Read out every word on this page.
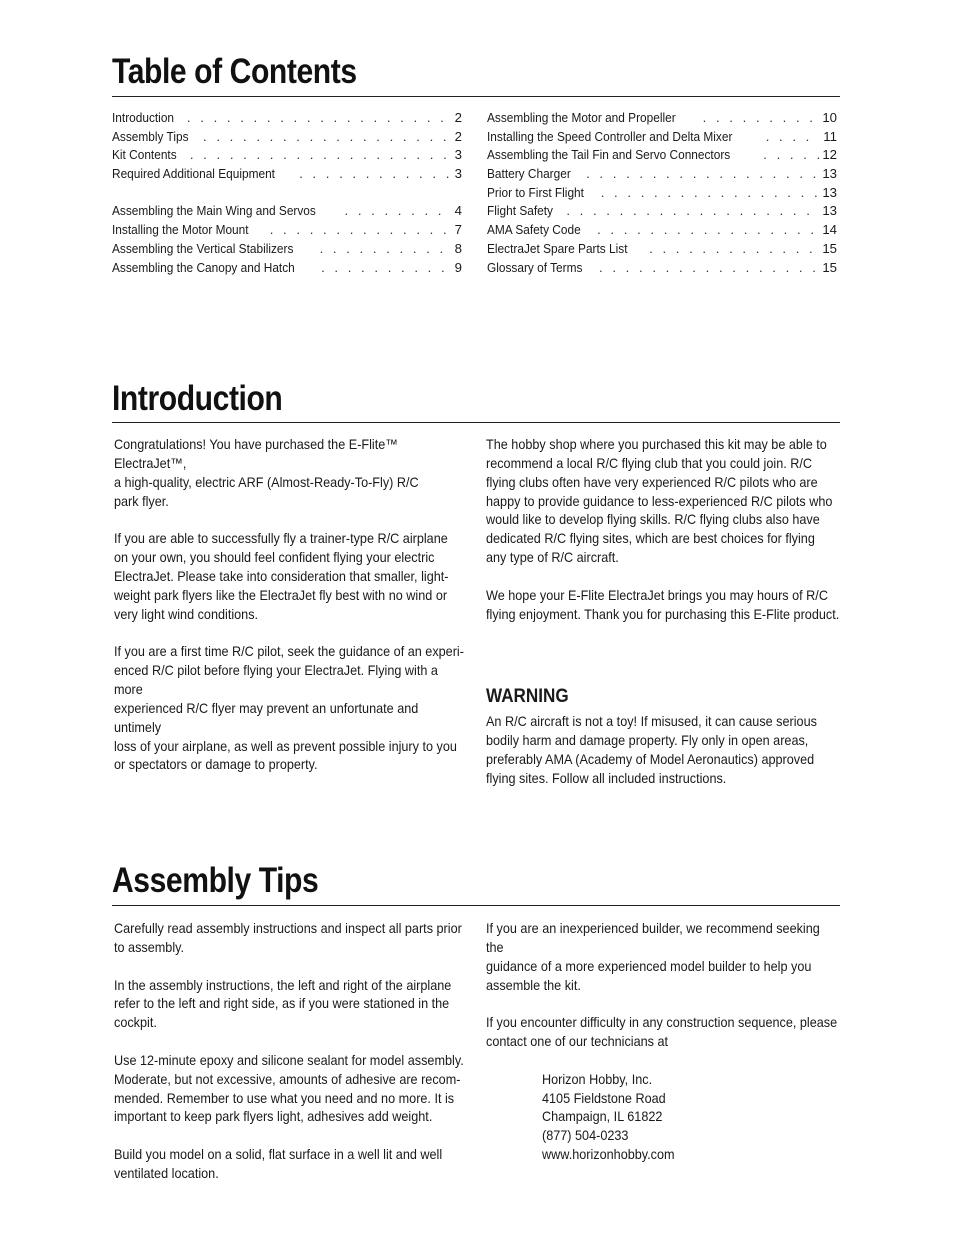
Table of Contents
Introduction . . .	2
Assembly Tips . . .	2
Kit Contents . . .	3
Required Additional Equipment . . .	3
Assembling the Main Wing and Servos . . .	4
Installing the Motor Mount . . .	7
Assembling the Vertical Stabilizers . . .	8
Assembling the Canopy and Hatch . . .	9
Assembling the Motor and Propeller . . .	10
Installing the Speed Controller and Delta Mixer . . .	11
Assembling the Tail Fin and Servo Connectors . . .	12
Battery Charger . . .	13
Prior to First Flight . . .	13
Flight Safety . . .	13
AMA Safety Code . . .	14
ElectraJet Spare Parts List . . .	15
Glossary of Terms . . .	15
Introduction

Congratulations! You have purchased the E-Flite™ ElectraJet™,
a high-quality, electric ARF (Almost-Ready-To-Fly) R/C
park flyer.

If you are able to successfully fly a trainer-type R/C airplane
on your own, you should feel confident flying your electric
ElectraJet. Please take into consideration that smaller, light-
weight park flyers like the ElectraJet fly best with no wind or
very light wind conditions.

If you are a first time R/C pilot, seek the guidance of an experi-
enced R/C pilot before flying your ElectraJet. Flying with a more
experienced R/C flyer may prevent an unfortunate and untimely
loss of your airplane, as well as prevent possible injury to you
or spectators or damage to property.

The hobby shop where you purchased this kit may be able to
recommend a local R/C flying club that you could join. R/C
flying clubs often have very experienced R/C pilots who are
happy to provide guidance to less-experienced R/C pilots who
would like to develop flying skills. R/C flying clubs also have
dedicated R/C flying sites, which are best choices for flying
any type of R/C aircraft.

We hope your E-Flite ElectraJet brings you may hours of R/C
flying enjoyment. Thank you for purchasing this E-Flite product.

WARNING

An R/C aircraft is not a toy! If misused, it can cause serious
bodily harm and damage property. Fly only in open areas,
preferably AMA (Academy of Model Aeronautics) approved
flying sites. Follow all included instructions.

Assembly Tips

Carefully read assembly instructions and inspect all parts prior
to assembly.

In the assembly instructions, the left and right of the airplane
refer to the left and right side, as if you were stationed in the
cockpit.

Use 12-minute epoxy and silicone sealant for model assembly.
Moderate, but not excessive, amounts of adhesive are recom-
mended. Remember to use what you need and no more. It is
important to keep park flyers light, adhesives add weight.

Build you model on a solid, flat surface in a well lit and well
ventilated location.

If you are an inexperienced builder, we recommend seeking the
guidance of a more experienced model builder to help you
assemble the kit.

If you encounter difficulty in any construction sequence, please
contact one of our technicians at

Horizon Hobby, Inc.
4105 Fieldstone Road
Champaign, IL 61822
(877) 504-0233
www.horizonhobby.com
